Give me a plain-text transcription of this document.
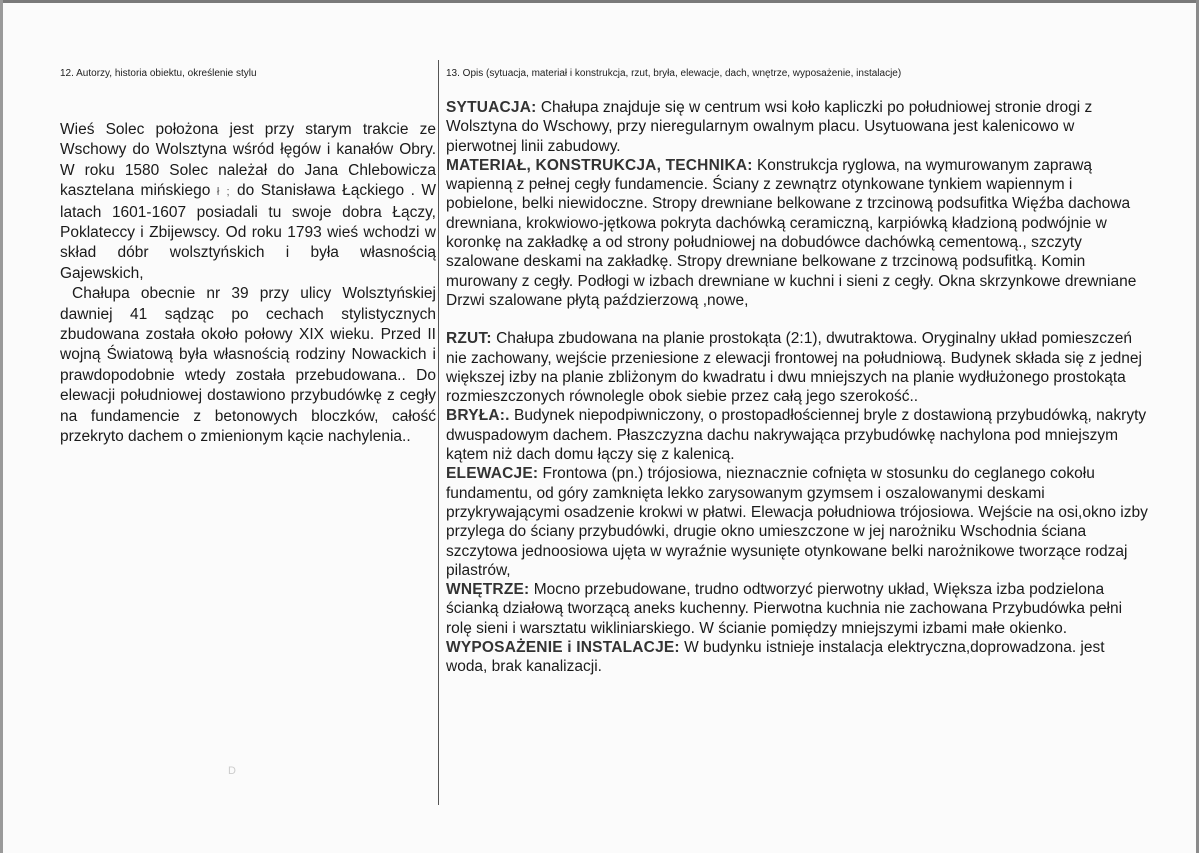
12. Autorzy, historia obiektu, określenie stylu	13. Opis (sytuacja, materiał i konstrukcja, rzut, bryła, elewacje, dach, wnętrze, wyposażenie, instalacje)

Wieś Solec położona jest przy starym trakcie ze Wschowy do Wolsztyna wśród łęgów i kanałów Obry. W roku 1580 Solec należał do Jana Chlebowicza kasztelana mińskiego ł ; do Stanisława Łąckiego . W latach 1601-1607 posiadali tu swoje dobra Łączy, Poklateccy i Zbijewscy. Od roku 1793 wieś wchodzi w skład dóbr wolsztyńskich i była własnością Gajewskich,

Chałupa obecnie nr 39 przy ulicy Wolsztyńskiej dawniej 41 sądząc po cechach stylistycznych zbudowana została około połowy XIX wieku. Przed II wojną Światową była własnością rodziny Nowackich i prawdopodobnie wtedy została przebudowana.. Do elewacji południowej dostawiono przybudówkę z cegły na fundamencie z betonowych bloczków, całość przekryto dachem o zmienionym kącie nachylenia..

SYTUACJA: Chałupa znajduje się w centrum wsi koło kapliczki po południowej stronie drogi z Wolsztyna do Wschowy, przy nieregularnym owalnym placu. Usytuowana jest kalenicowo w pierwotnej linii zabudowy.

MATERIAŁ, KONSTRUKCJA, TECHNIKA: Konstrukcja ryglowa, na wymurowanym zaprawą wapienną z pełnej cegły fundamencie. Ściany z zewnątrz otynkowane tynkiem wapiennym i pobielone, belki niewidoczne. Stropy drewniane belkowane z trzcinową podsufitka Więźba dachowa drewniana, krokwiowo-jętkowa pokryta dachówką ceramiczną, karpiówką kładzioną podwójnie w koronkę na zakładkę a od strony południowej na dobudówce dachówką cementową., szczyty szalowane deskami na zakładkę. Stropy drewniane belkowane z trzcinową podsufitką. Komin murowany z cegły. Podłogi w izbach drewniane w kuchni i sieni z cegły. Okna skrzynkowe drewniane Drzwi szalowane płytą paździerzową ,nowe,

RZUT: Chałupa zbudowana na planie prostokąta (2:1), dwutraktowa. Oryginalny układ pomieszczeń nie zachowany, wejście przeniesione z elewacji frontowej na południową. Budynek składa się z jednej większej izby na planie zbliżonym do kwadratu i dwu mniejszych na planie wydłużonego prostokąta rozmieszczonych równolegle obok siebie przez całą jego szerokość..

BRYŁA:. Budynek niepodpiwniczony, o prostopadłościennej bryle z dostawioną przybudówką, nakryty dwuspadowym dachem. Płaszczyzna dachu nakrywająca przybudówkę nachylona pod mniejszym kątem niż dach domu łączy się z kalenicą.

ELEWACJE: Frontowa (pn.) trójosiowa, nieznacznie cofnięta w stosunku do ceglanego cokołu fundamentu, od góry zamknięta lekko zarysowanym gzymsem i oszalowanymi deskami przykrywającymi osadzenie krokwi w płatwi. Elewacja południowa trójosiowa. Wejście na osi,okno izby przylega do ściany przybudówki, drugie okno umieszczone w jej narożniku Wschodnia ściana szczytowa jednoosiowa ujęta w wyraźnie wysunięte otynkowane belki narożnikowe tworzące rodzaj pilastrów,

WNĘTRZE: Mocno przebudowane, trudno odtworzyć pierwotny układ, Większa izba podzielona ścianką działową tworzącą aneks kuchenny. Pierwotna kuchnia nie zachowana Przybudówka pełni rolę sieni i warsztatu wikliniarskiego. W ścianie pomiędzy mniejszymi izbami małe okienko.

WYPOSAŻENIE i INSTALACJE: W budynku istnieje instalacja elektryczna,doprowadzona. jest woda, brak kanalizacji.

D
